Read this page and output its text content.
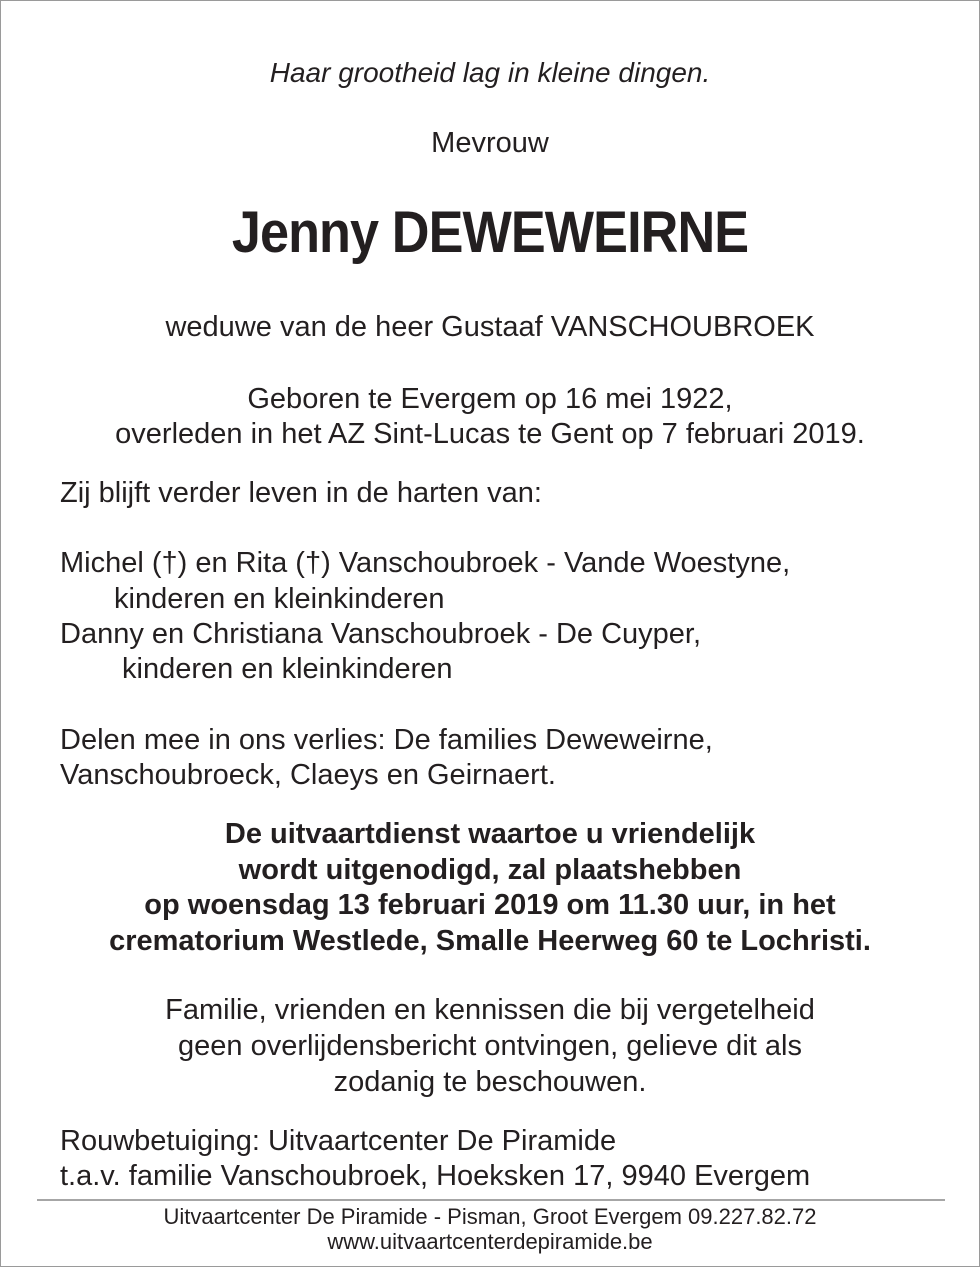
Haar grootheid lag in kleine dingen.
Mevrouw
Jenny DEWEWEIRNE
weduwe van de heer Gustaaf VANSCHOUBROEK
Geboren te Evergem op 16 mei 1922,
overleden in het AZ Sint-Lucas te Gent op 7 februari 2019.
Zij blijft verder leven in de harten van:
Michel (†) en Rita (†) Vanschoubroek - Vande Woestyne,
kinderen en kleinkinderen
Danny en Christiana Vanschoubroek - De Cuyper,
kinderen en kleinkinderen
Delen mee in ons verlies: De families Deweweirne,
Vanschoubroeck, Claeys en Geirnaert.
De uitvaartdienst waartoe u vriendelijk
wordt uitgenodigd, zal plaatshebben
op woensdag 13 februari 2019 om 11.30 uur, in het
crematorium Westlede, Smalle Heerweg 60 te Lochristi.
Familie, vrienden en kennissen die bij vergetelheid
geen overlijdensbericht ontvingen, gelieve dit als
zodanig te beschouwen.
Rouwbetuiging: Uitvaartcenter De Piramide
t.a.v. familie Vanschoubroek, Hoeksken 17, 9940 Evergem
Uitvaartcenter De Piramide - Pisman, Groot Evergem 09.227.82.72
www.uitvaartcenterdepiramide.be
